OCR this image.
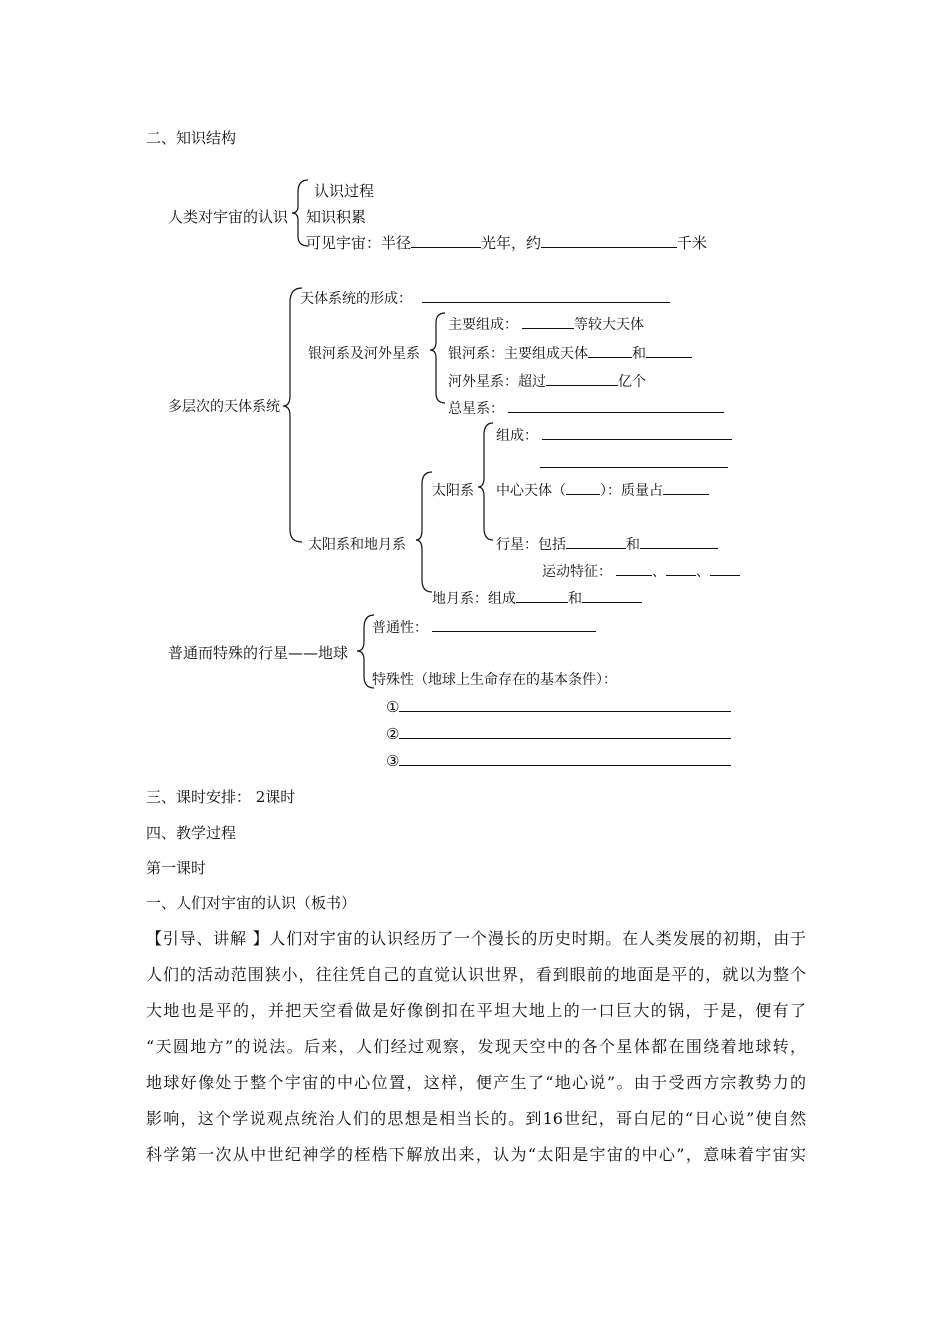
二、知识结构
人类对宇宙的认识
认识过程
知识积累
可见宇宙：半径	光年，约	千米
多层次的天体系统
天体系统的形成：
银河系及河外星系
主要组成：	等较大天体
银河系：主要组成天体	和
河外星系：超过	亿个
总星系：
太阳系和地月系
太阳系
组成：
中心天体（ ）：质量占
行星：包括	和
运动特征：	、 、
地月系：组成	和
普通而特殊的行星——地球
普通性：
特殊性（地球上生命存在的基本条件）：
①
②
③
三、课时安排： 2课时
四、教学过程
第一课时
一、人们对宇宙的认识（板书）
【引导、讲解 】人们对宇宙的认识经历了一个漫长的历史时期。在人类发展的初期，由于
人们的活动范围狭小，往往凭自己的直觉认识世界，看到眼前的地面是平的，就以为整个
大地也是平的，并把天空看做是好像倒扣在平坦大地上的一口巨大的锅，于是，便有了
“天圆地方”的说法。后来，人们经过观察，发现天空中的各个星体都在围绕着地球转，
地球好像处于整个宇宙的中心位置，这样，便产生了“地心说”。由于受西方宗教势力的
影响，这个学说观点统治人们的思想是相当长的。到16世纪，哥白尼的“日心说”使自然
科学第一次从中世纪神学的桎梏下解放出来，认为“太阳是宇宙的中心”，意味着宇宙实
